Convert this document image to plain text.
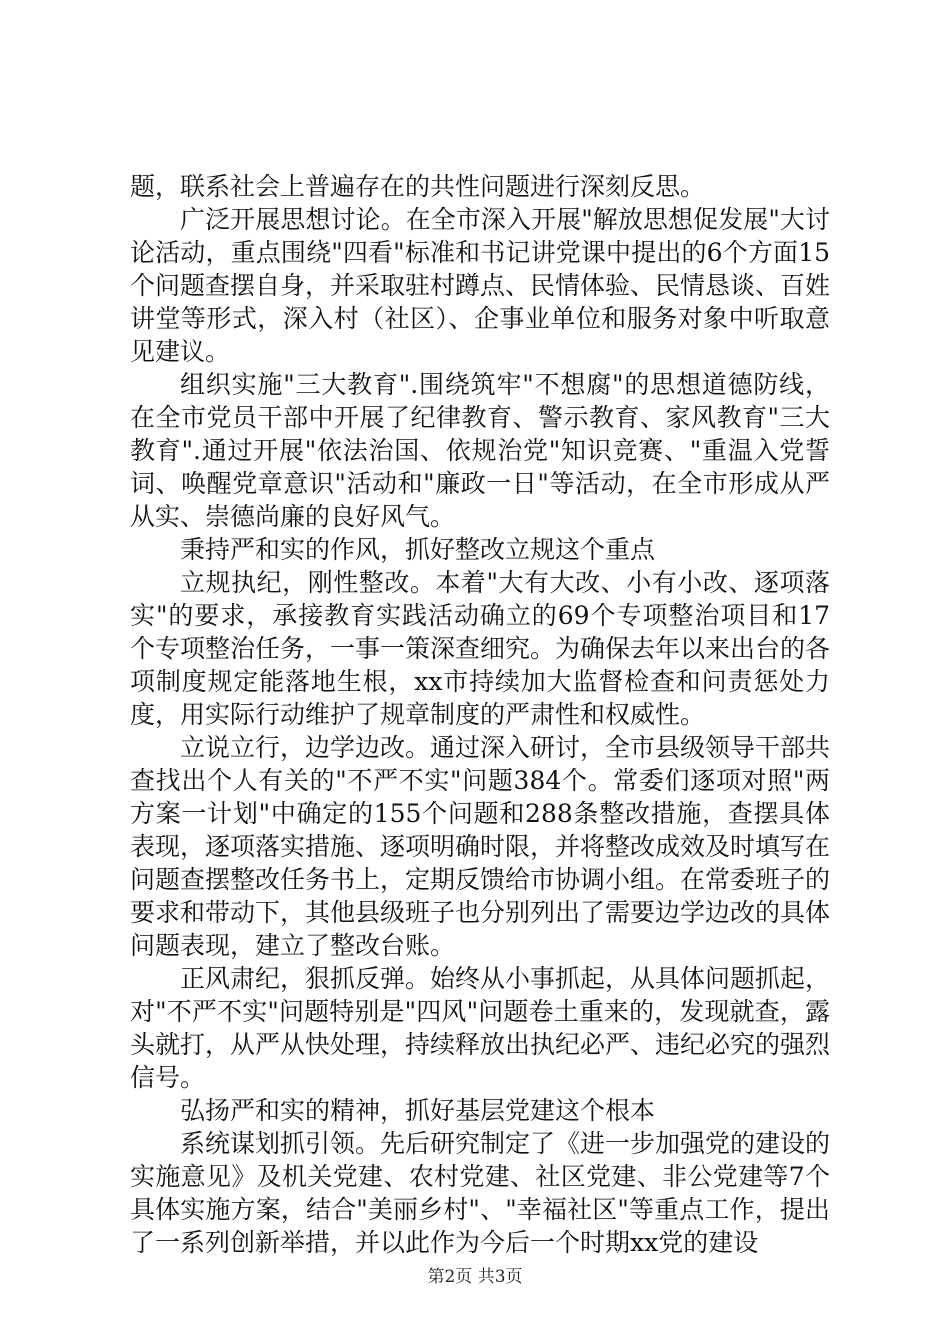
题，联系社会上普遍存在的共性问题进行深刻反思。

广泛开展思想讨论。在全市深入开展"解放思想促发展"大讨论活动，重点围绕"四看"标准和书记讲党课中提出的6个方面15个问题查摆自身，并采取驻村蹲点、民情体验、民情恳谈、百姓讲堂等形式，深入村（社区）、企事业单位和服务对象中听取意见建议。

组织实施"三大教育".围绕筑牢"不想腐"的思想道德防线，在全市党员干部中开展了纪律教育、警示教育、家风教育"三大教育".通过开展"依法治国、依规治党"知识竞赛、"重温入党誓词、唤醒党章意识"活动和"廉政一日"等活动，在全市形成从严从实、崇德尚廉的良好风气。

秉持严和实的作风，抓好整改立规这个重点

立规执纪，刚性整改。本着"大有大改、小有小改、逐项落实"的要求，承接教育实践活动确立的69个专项整治项目和17个专项整治任务，一事一策深查细究。为确保去年以来出台的各项制度规定能落地生根，xx市持续加大监督检查和问责惩处力度，用实际行动维护了规章制度的严肃性和权威性。

立说立行，边学边改。通过深入研讨，全市县级领导干部共查找出个人有关的"不严不实"问题384个。常委们逐项对照"两方案一计划"中确定的155个问题和288条整改措施，查摆具体表现，逐项落实措施、逐项明确时限，并将整改成效及时填写在问题查摆整改任务书上，定期反馈给市协调小组。在常委班子的要求和带动下，其他县级班子也分别列出了需要边学边改的具体问题表现，建立了整改台账。

正风肃纪，狠抓反弹。始终从小事抓起，从具体问题抓起，对"不严不实"问题特别是"四风"问题卷土重来的，发现就查，露头就打，从严从快处理，持续释放出执纪必严、违纪必究的强烈信号。

弘扬严和实的精神，抓好基层党建这个根本

系统谋划抓引领。先后研究制定了《进一步加强党的建设的实施意见》及机关党建、农村党建、社区党建、非公党建等7个具体实施方案，结合"美丽乡村"、"幸福社区"等重点工作，提出了一系列创新举措，并以此作为今后一个时期xx党的建设

第2页 共3页
